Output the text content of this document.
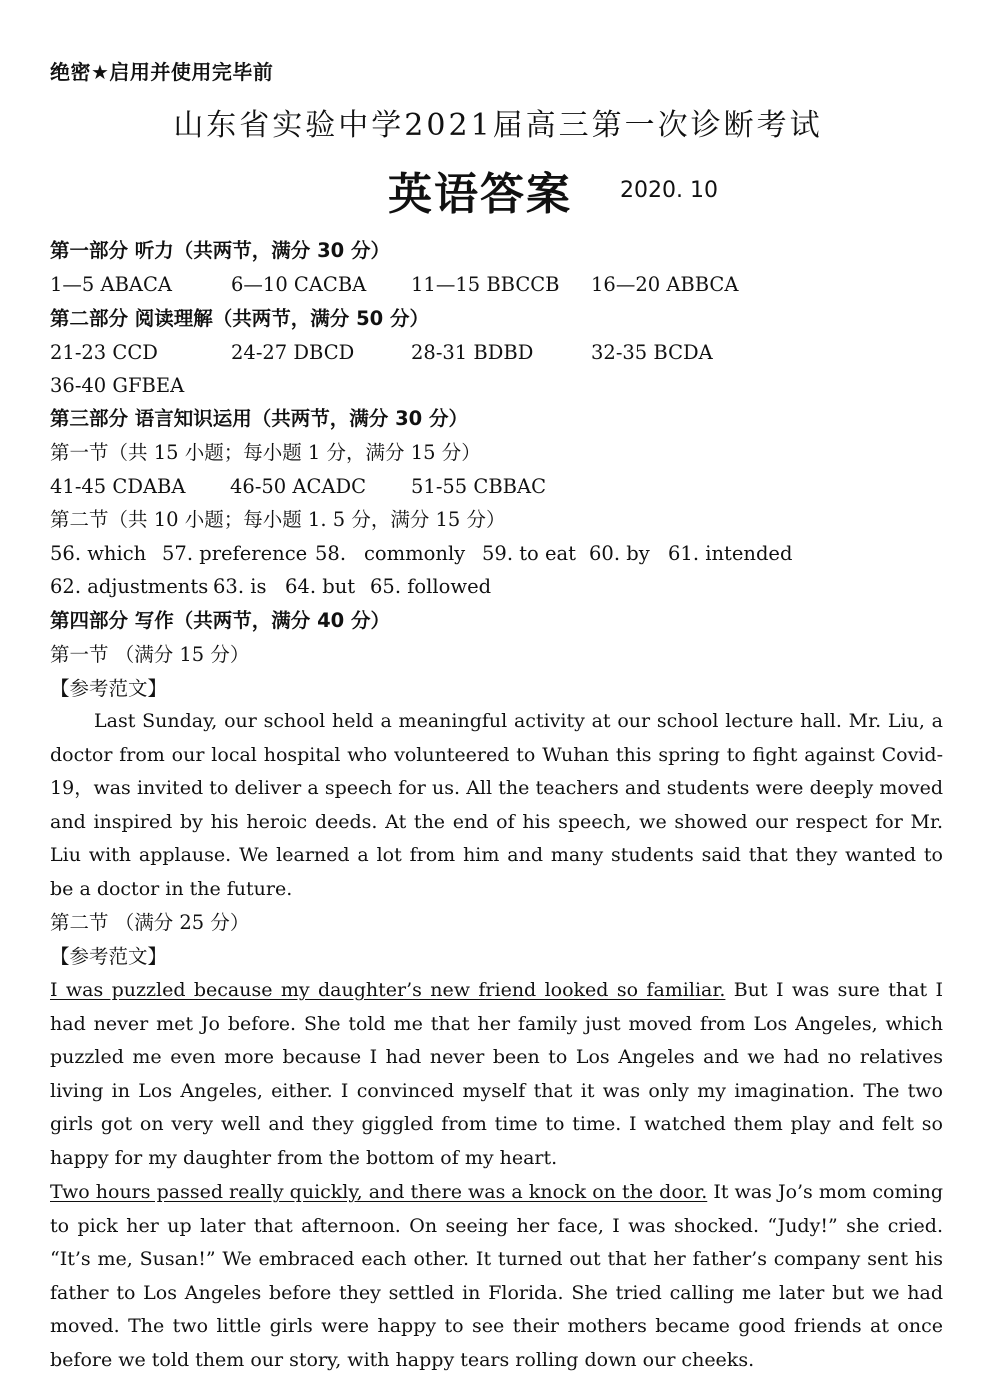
绝密★启用并使用完毕前
山东省实验中学2021届高三第一次诊断考试
英语答案 2020. 10
第一部分 听力（共两节，满分 30 分）
1—5 ABACA	6—10 CACBA 11—15 BBCCB 16—20 ABBCA
第二部分 阅读理解（共两节，满分 50 分）
21-23 CCD	24-27 DBCD	28-31 BDBD	32-35 BCDA
36-40 GFBEA
第三部分 语言知识运用（共两节，满分 30 分）
第一节（共 15 小题；每小题 1 分，满分 15 分）
41-45 CDABA 46-50 ACADC 51-55 CBBAC
第二节（共 10 小题；每小题 1. 5 分，满分 15 分）
56. which 57. preference 58. commonly 59. to eat 60. by 61. intended
62. adjustments 63. is 64. but 65. followed
第四部分 写作（共两节，满分 40 分）
第一节 （满分 15 分）
【参考范文】
Last Sunday, our school held a meaningful activity at our school lecture hall. Mr. Liu, a doctor from our local hospital who volunteered to Wuhan this spring to fight against Covid-19，was invited to deliver a speech for us. All the teachers and students were deeply moved and inspired by his heroic deeds. At the end of his speech, we showed our respect for Mr. Liu with applause. We learned a lot from him and many students said that they wanted to be a doctor in the future.
第二节 （满分 25 分）
【参考范文】
I was puzzled because my daughter’s new friend looked so familiar. But I was sure that I had never met Jo before. She told me that her family just moved from Los Angeles, which puzzled me even more because I had never been to Los Angeles and we had no relatives living in Los Angeles, either. I convinced myself that it was only my imagination. The two girls got on very well and they giggled from time to time. I watched them play and felt so happy for my daughter from the bottom of my heart.
Two hours passed really quickly, and there was a knock on the door. It was Jo’s mom coming to pick her up later that afternoon. On seeing her face, I was shocked. “Judy!” she cried. “It’s me, Susan!” We embraced each other. It turned out that her father’s company sent his father to Los Angeles before they settled in Florida. She tried calling me later but we had moved. The two little girls were happy to see their mothers became good friends at once before we told them our story, with happy tears rolling down our cheeks.
